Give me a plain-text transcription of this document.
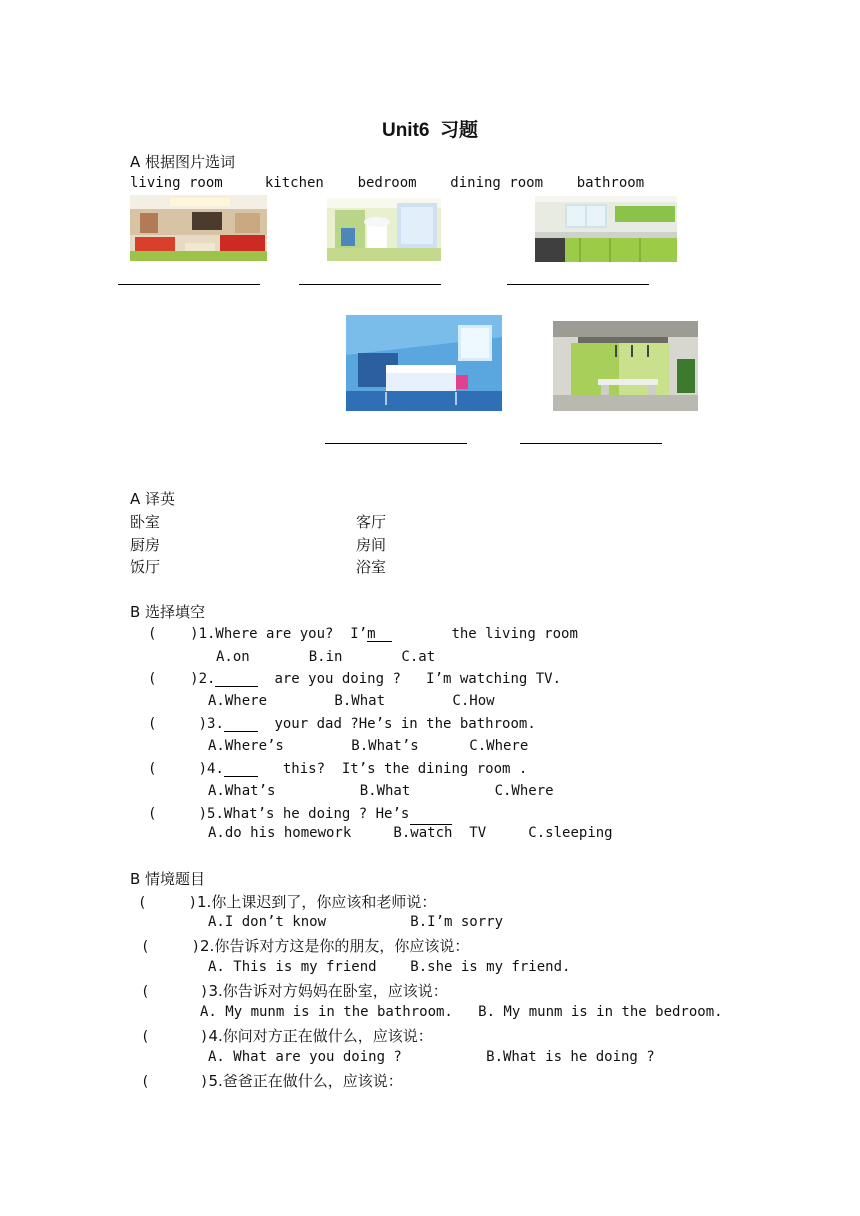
Unit6  习题
A 根据图片选词
living room     kitchen    bedroom    dining room    bathroom
A 译英
卧室	客厅
厨房	房间
饭厅	浴室
B 选择填空
(    )1.Where are you?  I’m         the living room
A.on       B.in       C.at
(    )2.	are you doing ?   I’m watching TV.
A.Where        B.What        C.How
(     )3.      your dad ?He’s in the bathroom.
A.Where’s        B.What’s      C.Where
(     )4.       this?  It’s the dining room .
A.What’s          B.What          C.Where
(     )5.What’s he doing ? He’s
A.do his homework     B.watch  TV     C.sleeping
B 情境题目
(     )1.你上课迟到了，你应该和老师说：
A.I don’t know          B.I’m sorry
(     )2.你告诉对方这是你的朋友，你应该说：
A. This is my friend    B.she is my friend.
(      )3.你告诉对方妈妈在卧室，应该说：
A. My munm is in the bathroom.   B. My munm is in the bedroom.
(      )4.你问对方正在做什么，应该说：
A. What are you doing ?          B.What is he doing ?
(      )5.爸爸正在做什么，应该说：
